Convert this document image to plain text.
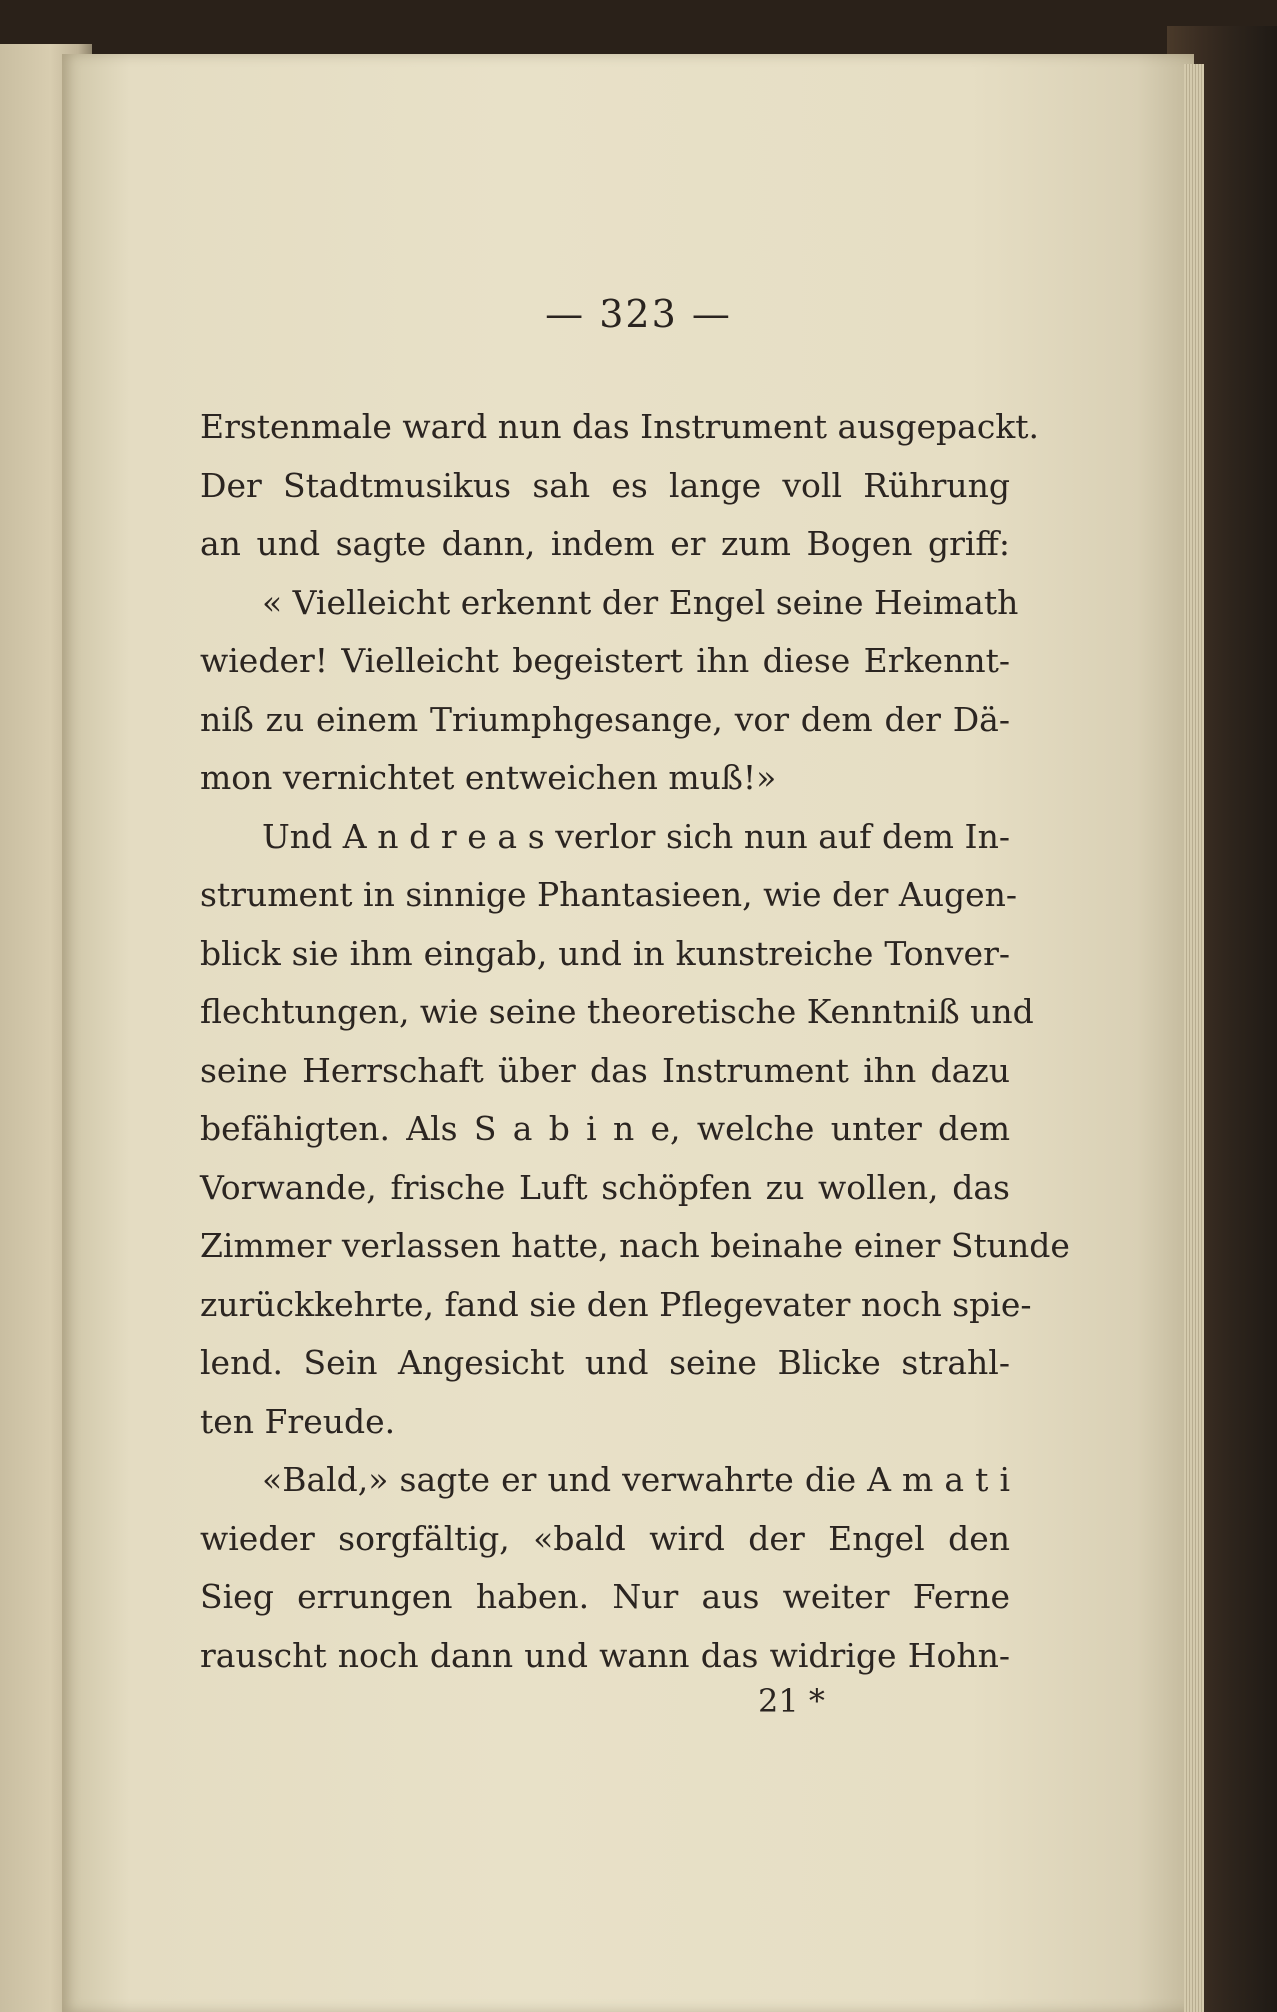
— 323 —
Erstenmale ward nun das Instrument ausgepackt.
Der Stadtmusikus sah es lange voll Rührung
an und sagte dann, indem er zum Bogen griff:
« Vielleicht erkennt der Engel seine Heimath
wieder! Vielleicht begeistert ihn diese Erkennt-
niß zu einem Triumphgesange, vor dem der Dä-
mon vernichtet entweichen muß!»
Und A n d r e a s verlor sich nun auf dem In-
strument in sinnige Phantasieen, wie der Augen-
blick sie ihm eingab, und in kunstreiche Tonver-
flechtungen, wie seine theoretische Kenntniß und
seine Herrschaft über das Instrument ihn dazu
befähigten. Als S a b i n e, welche unter dem
Vorwande, frische Luft schöpfen zu wollen, das
Zimmer verlassen hatte, nach beinahe einer Stunde
zurückkehrte, fand sie den Pflegevater noch spie-
lend. Sein Angesicht und seine Blicke strahl-
ten Freude.
«Bald,» sagte er und verwahrte die A m a t i
wieder sorgfältig, «bald wird der Engel den
Sieg errungen haben. Nur aus weiter Ferne
rauscht noch dann und wann das widrige Hohn-
21 *
